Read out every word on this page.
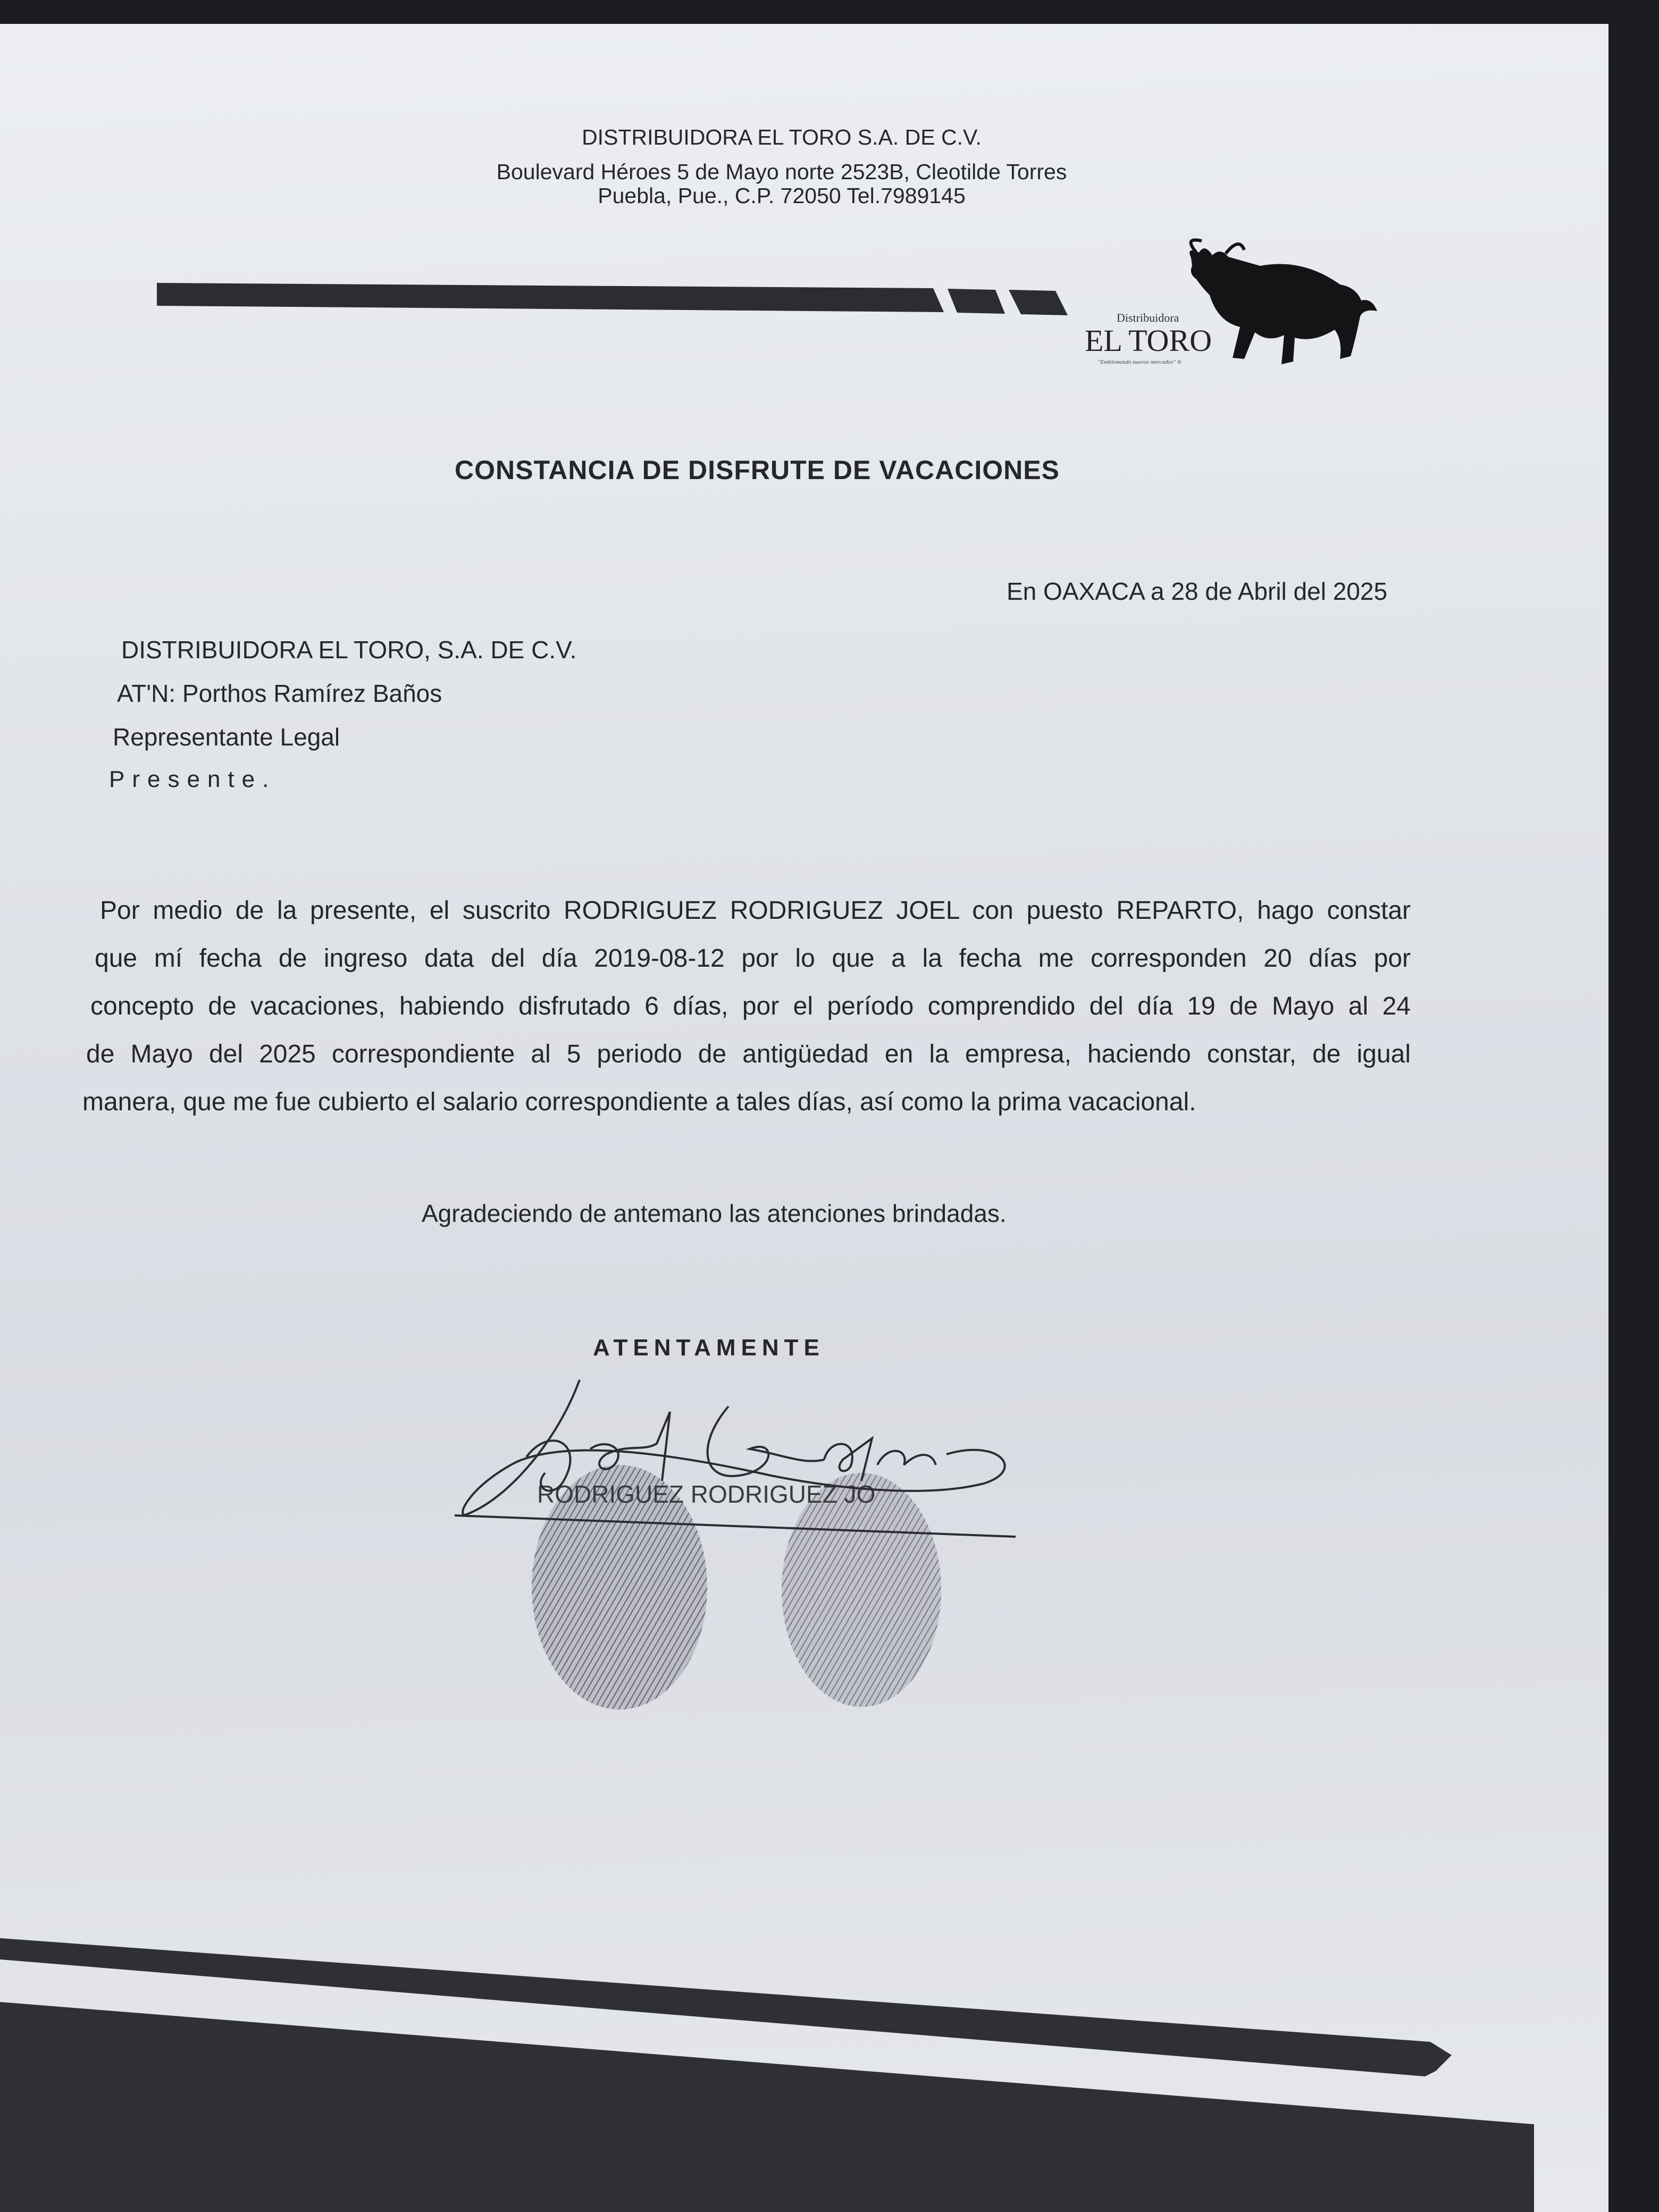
DISTRIBUIDORA EL TORO S.A. DE C.V.
Boulevard Héroes 5 de Mayo norte 2523B, Cleotilde Torres
Puebla, Pue., C.P. 72050 Tel.7989145
Distribuidora
EL TORO
"Emblemando nuevos mercados" ®
CONSTANCIA DE DISFRUTE DE VACACIONES
En OAXACA a 28 de Abril del 2025
DISTRIBUIDORA EL TORO, S.A. DE C.V.
AT'N: Porthos Ramírez Baños
Representante Legal
Presente.
Por medio de la presente, el suscrito RODRIGUEZ RODRIGUEZ JOEL con puesto REPARTO, hago constar
que mí fecha de ingreso data del día 2019-08-12 por lo que a la fecha me corresponden 20 días por
concepto de vacaciones, habiendo disfrutado 6 días, por el período comprendido del día 19 de Mayo al 24
de Mayo del 2025 correspondiente al 5 periodo de antigüedad en la empresa, haciendo constar, de igual
manera, que me fue cubierto el salario correspondiente a tales días, así como la prima vacacional.
Agradeciendo de antemano las atenciones brindadas.
ATENTAMENTE
RODRIGUEZ RODRIGUEZ JO
